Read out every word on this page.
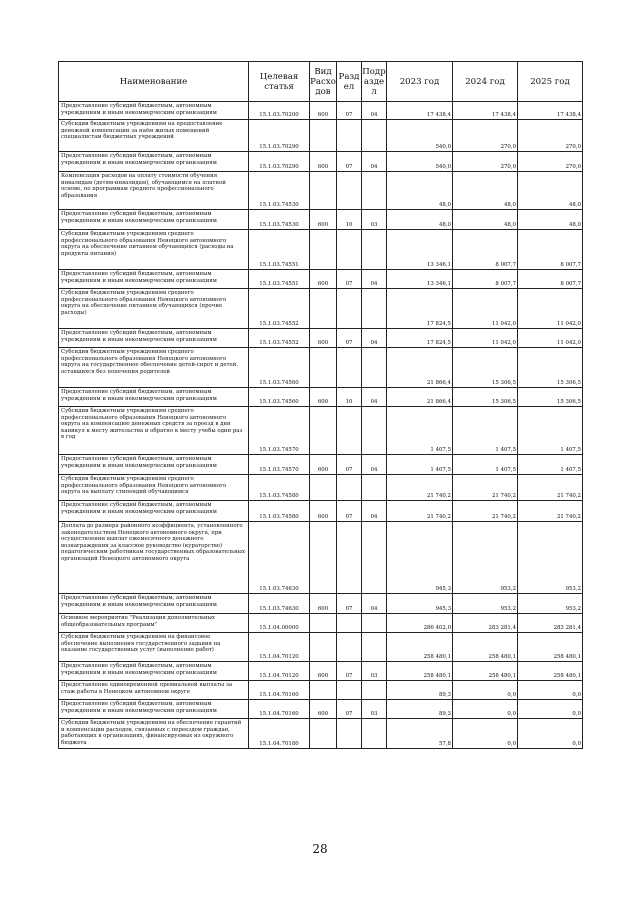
Наименование	Целевая статья	Вид Расхо дов	Разд ел	Подр азде л	2023 год	2024 год	2025 год
Предоставление субсидий бюджетным, автономным учреждениям и иным некоммерческим организациям	15.1.03.70200	600	07	04	17 438,4	17 438,4	17 438,4
Субсидии бюджетным учреждениям на предоставление денежной компенсации за наём жилых помещений специалистам бюджетных учреждений	15.1.03.70290				540,0	270,0	270,0
Предоставление субсидий бюджетным, автономным учреждениям и иным некоммерческим организациям	15.1.03.70290	600	07	04	540,0	270,0	270,0
Компенсация расходов на оплату стоимости обучения инвалидам (детям-инвалидам), обучающимся на платной основе, по программам среднего профессионального образования	15.1.03.74530				48,0	48,0	48,0
Предоставление субсидий бюджетным, автономным учреждениям и иным некоммерческим организациям	15.1.03.74530	600	10	03	48,0	48,0	48,0
Субсидии бюджетным учреждениям среднего профессионального образования Ненецкого автономного округа на обеспечение питанием обучающихся (расходы на продукты питания)	15.1.03.74551				13 346,1	8 007,7	8 007,7
Предоставление субсидий бюджетным, автономным учреждениям и иным некоммерческим организациям	15.1.03.74551	600	07	04	13 346,1	8 007,7	8 007,7
Субсидии бюджетным учреждениям среднего профессионального образования Ненецкого автономного округа на обеспечение питанием обучающихся (прочие расходы)	15.1.03.74552				17 824,5	11 042,0	11 042,0
Предоставление субсидий бюджетным, автономным учреждениям и иным некоммерческим организациям	15.1.03.74552	600	07	04	17 824,5	11 042,0	11 042,0
Субсидии бюджетным учреждениям среднего профессионального образования Ненецкого автономного округа на государственное обеспечение детей-сирот и детей, оставшихся без попечения родителей	15.1.03.74560				21 866,4	15 306,5	15 306,5
Предоставление субсидий бюджетным, автономным учреждениям и иным некоммерческим организациям	15.1.03.74560	600	10	04	21 866,4	15 306,5	15 306,5
Субсидии бюджетным учреждениям среднего профессионального образования Ненецкого автономного округа на компенсацию денежных средств за проезд в дни каникул к месту жительства и обратно к месту учебы один раз в год	15.1.03.74570				1 407,5	1 407,5	1 407,5
Предоставление субсидий бюджетным, автономным учреждениям и иным некоммерческим организациям	15.1.03.74570	600	07	04	1 407,5	1 407,5	1 407,5
Субсидии бюджетным учреждениям среднего профессионального образования Ненецкого автономного округа на выплату стипендий обучающимся	15.1.03.74580				21 740,2	21 740,2	21 740,2
Предоставление субсидий бюджетным, автономным учреждениям и иным некоммерческим организациям	15.1.03.74580	600	07	04	21 740,2	21 740,2	21 740,2
Доплата до размера районного коэффициента, установленного законодательством Ненецкого автономного округа, при осуществлении выплат ежемесячного денежного вознаграждения за классное руководство (кураторство) педагогическим работникам государственных образовательных организаций Ненецкого автономного округа	15.1.03.74630				945,3	953,2	953,2
Предоставление субсидий бюджетным, автономным учреждениям и иным некоммерческим организациям	15.1.03.74630	600	07	04	945,3	953,2	953,2
Основное мероприятие "Реализация дополнительных общеобразовательных программ"	15.1.04.00000				286 402,0	283 281,4	283 281,4
Субсидии бюджетным учреждениям на финансовое обеспечение выполнения государственного задания на оказание государственных услуг (выполнение работ)	15.1.04.70120				258 480,1	258 480,1	258 480,1
Предоставление субсидий бюджетным, автономным учреждениям и иным некоммерческим организациям	15.1.04.70120	600	07	03	258 480,1	258 480,1	258 480,1
Предоставление единовременной премиальной выплаты за стаж работы в Ненецком автономном округе	15.1.04.70160				89,3	0,0	0,0
Предоставление субсидий бюджетным, автономным учреждениям и иным некоммерческим организациям	15.1.04.70160	600	07	03	89,3	0,0	0,0
Субсидии бюджетным учреждениям на обеспечение гарантий и компенсации расходов, связанных с переездом граждан, работающих в организациях, финансируемых из окружного бюджета	15.1.04.70180				57,8	0,0	0,0
28
